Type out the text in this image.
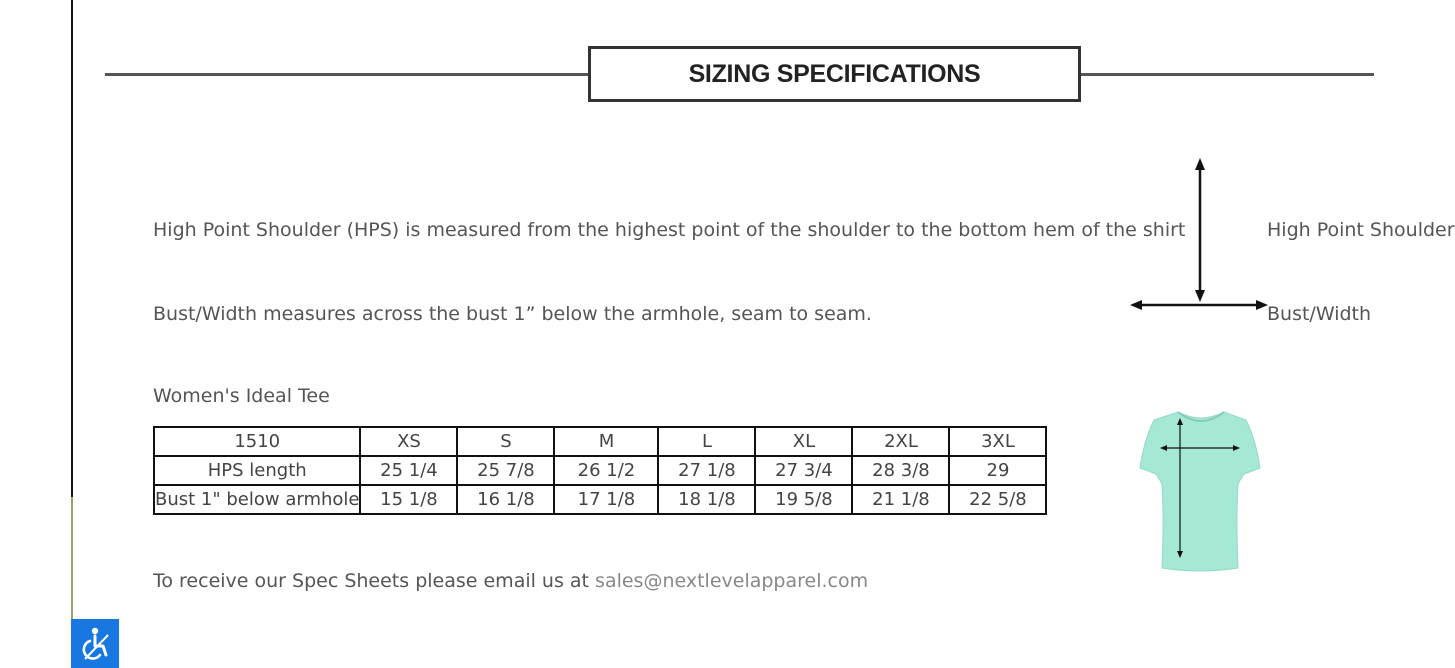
SIZING SPECIFICATIONS
High Point Shoulder (HPS) is measured from the highest point of the shoulder to the bottom hem of the shirt
Bust/Width measures across the bust 1” below the armhole, seam to seam.
High Point Shoulder
Bust/Width
Women's Ideal Tee
1510	XS	S	M	L	XL	2XL	3XL
HPS length	25 1/4	25 7/8	26 1/2	27 1/8	27 3/4	28 3/8	29
Bust 1" below armhole	15 1/8	16 1/8	17 1/8	18 1/8	19 5/8	21 1/8	22 5/8
To receive our Spec Sheets please email us at sales@nextlevelapparel.com
